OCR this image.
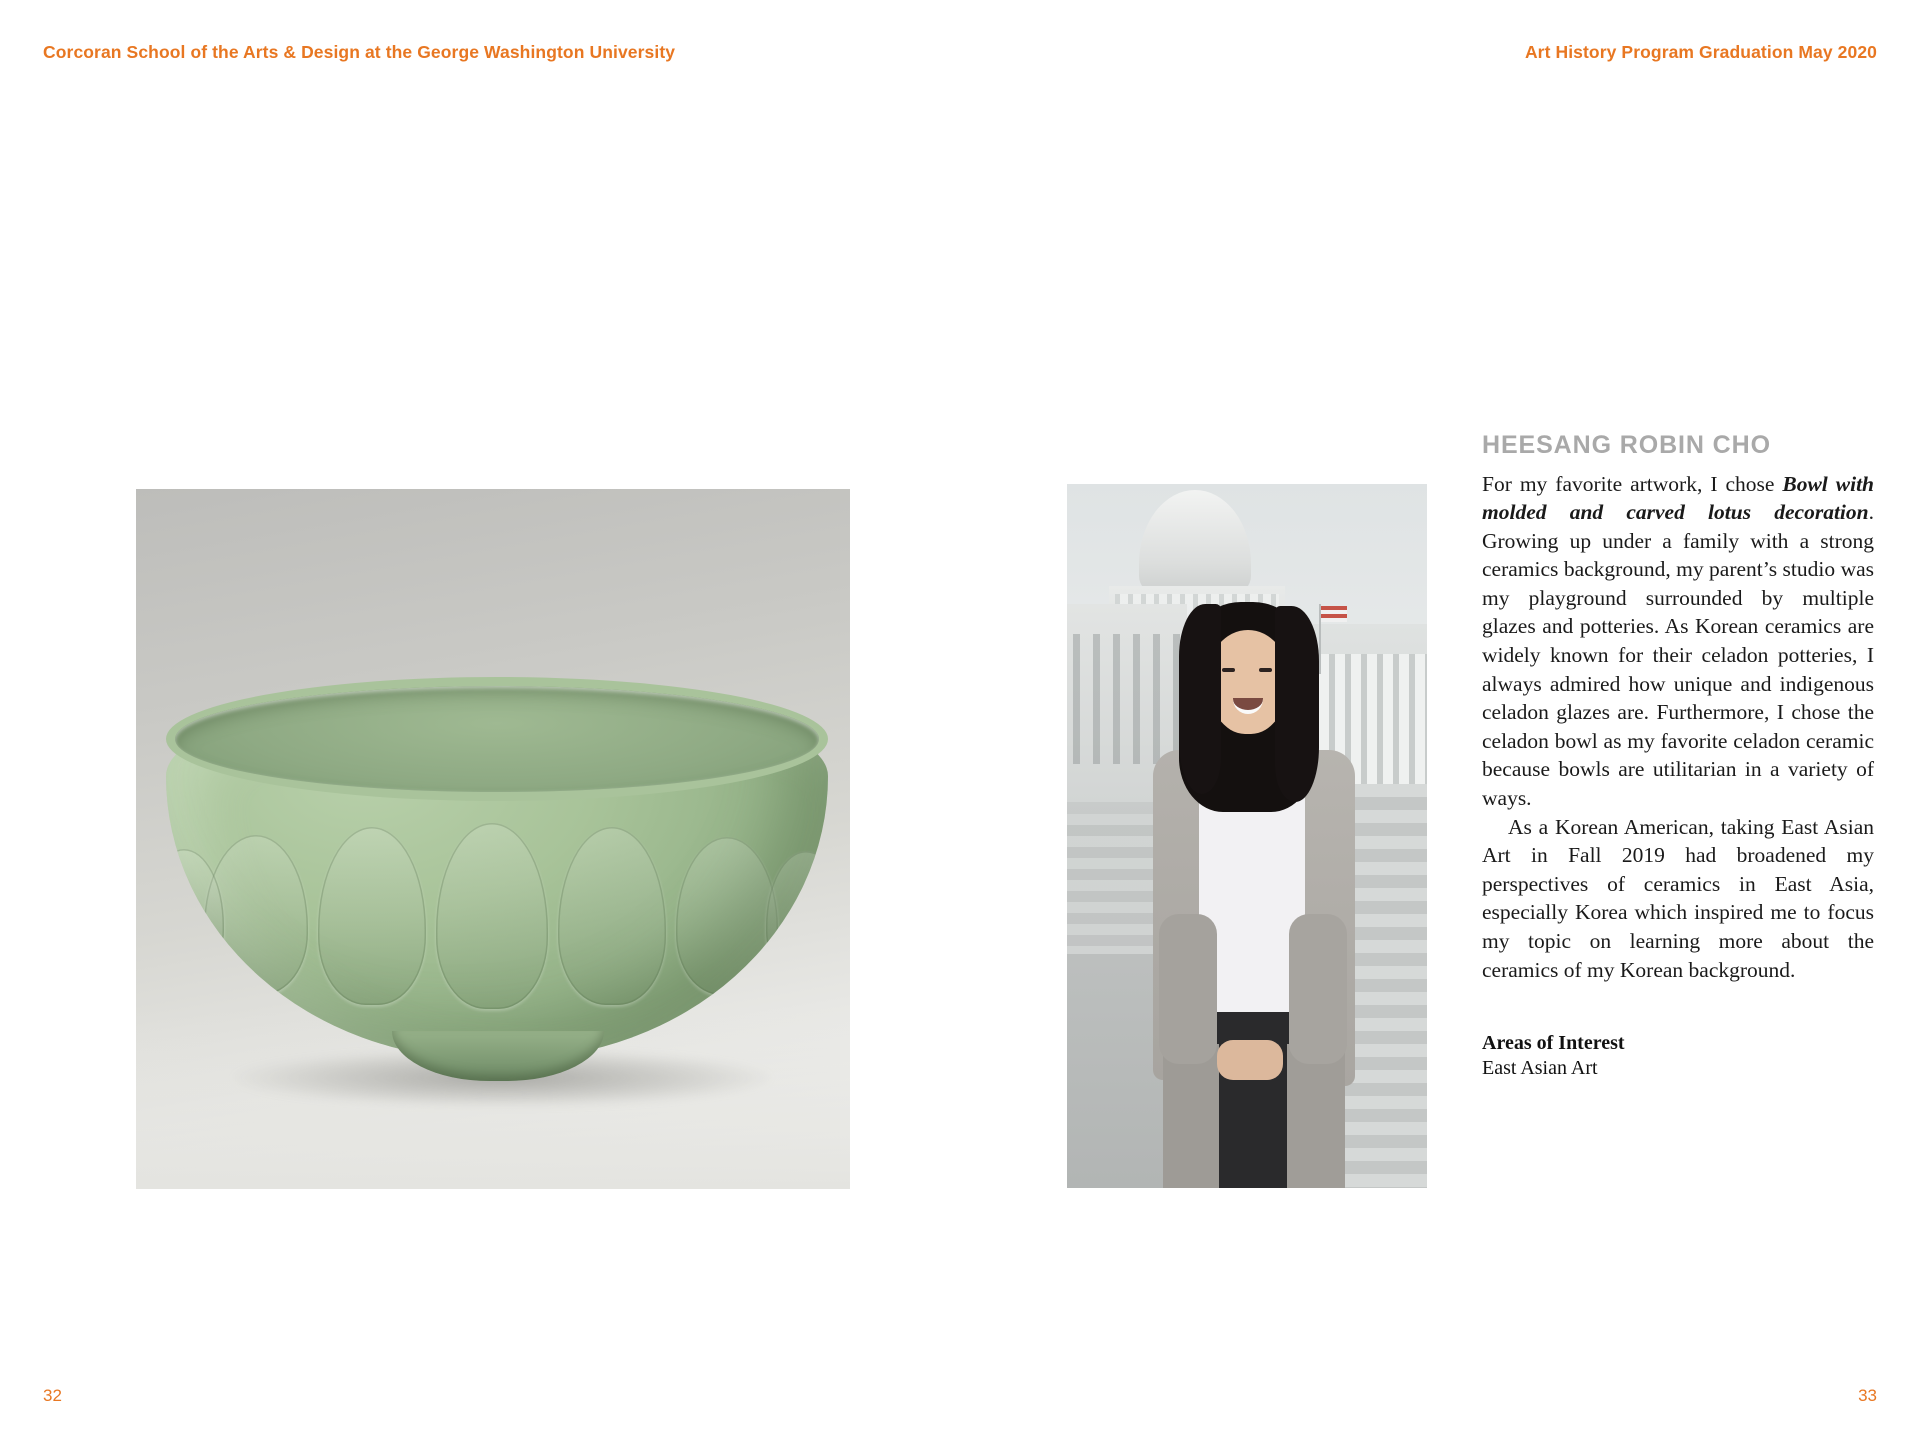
Corcoran School of the Arts & Design at the George Washington University	Art History Program Graduation May 2020
HEESANG ROBIN CHO

For my favorite artwork, I chose Bowl with molded and carved lotus decoration. Growing up under a family with a strong ceramics background, my parent’s studio was my playground surrounded by multiple glazes and potteries. As Korean ceramics are widely known for their celadon potteries, I always admired how unique and indigenous celadon glazes are. Furthermore, I chose the celadon bowl as my favorite celadon ceramic because bowls are utilitarian in a variety of ways.

As a Korean American, taking East Asian Art in Fall 2019 had broadened my perspectives of ceramics in East Asia, especially Korea which inspired me to focus my topic on learning more about the ceramics of my Korean background.

Areas of Interest
East Asian Art
32	33
